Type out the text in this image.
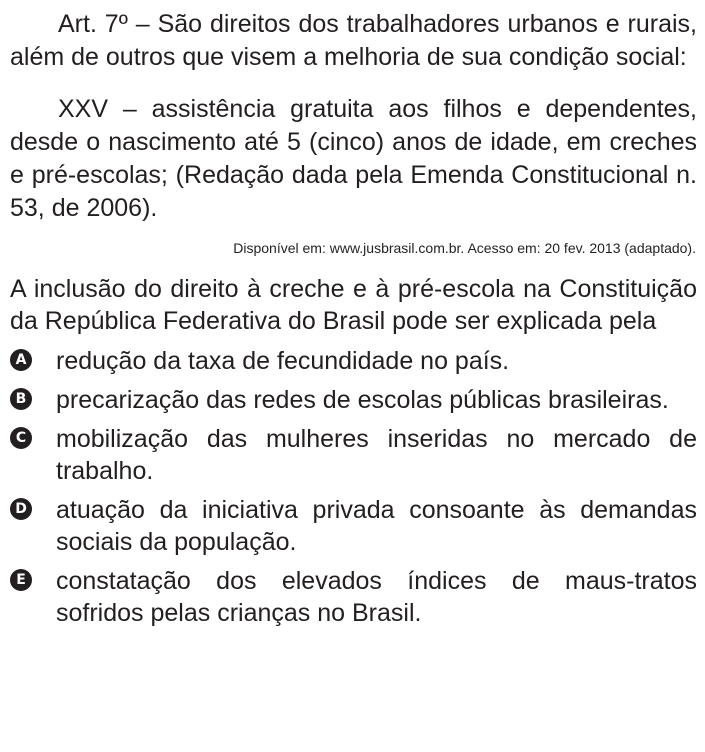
Art. 7º – São direitos dos trabalhadores urbanos e rurais, além de outros que visem a melhoria de sua condição social:

XXV – assistência gratuita aos filhos e dependentes, desde o nascimento até 5 (cinco) anos de idade, em creches e pré-escolas; (Redação dada pela Emenda Constitucional n. 53, de 2006).

Disponível em: www.jusbrasil.com.br. Acesso em: 20 fev. 2013 (adaptado).

A inclusão do direito à creche e à pré-escola na Constituição da República Federativa do Brasil pode ser explicada pela

A redução da taxa de fecundidade no país.
B precarização das redes de escolas públicas brasileiras.
C mobilização das mulheres inseridas no mercado de trabalho.
D atuação da iniciativa privada consoante às demandas sociais da população.
E constatação dos elevados índices de maus-tratos sofridos pelas crianças no Brasil.
